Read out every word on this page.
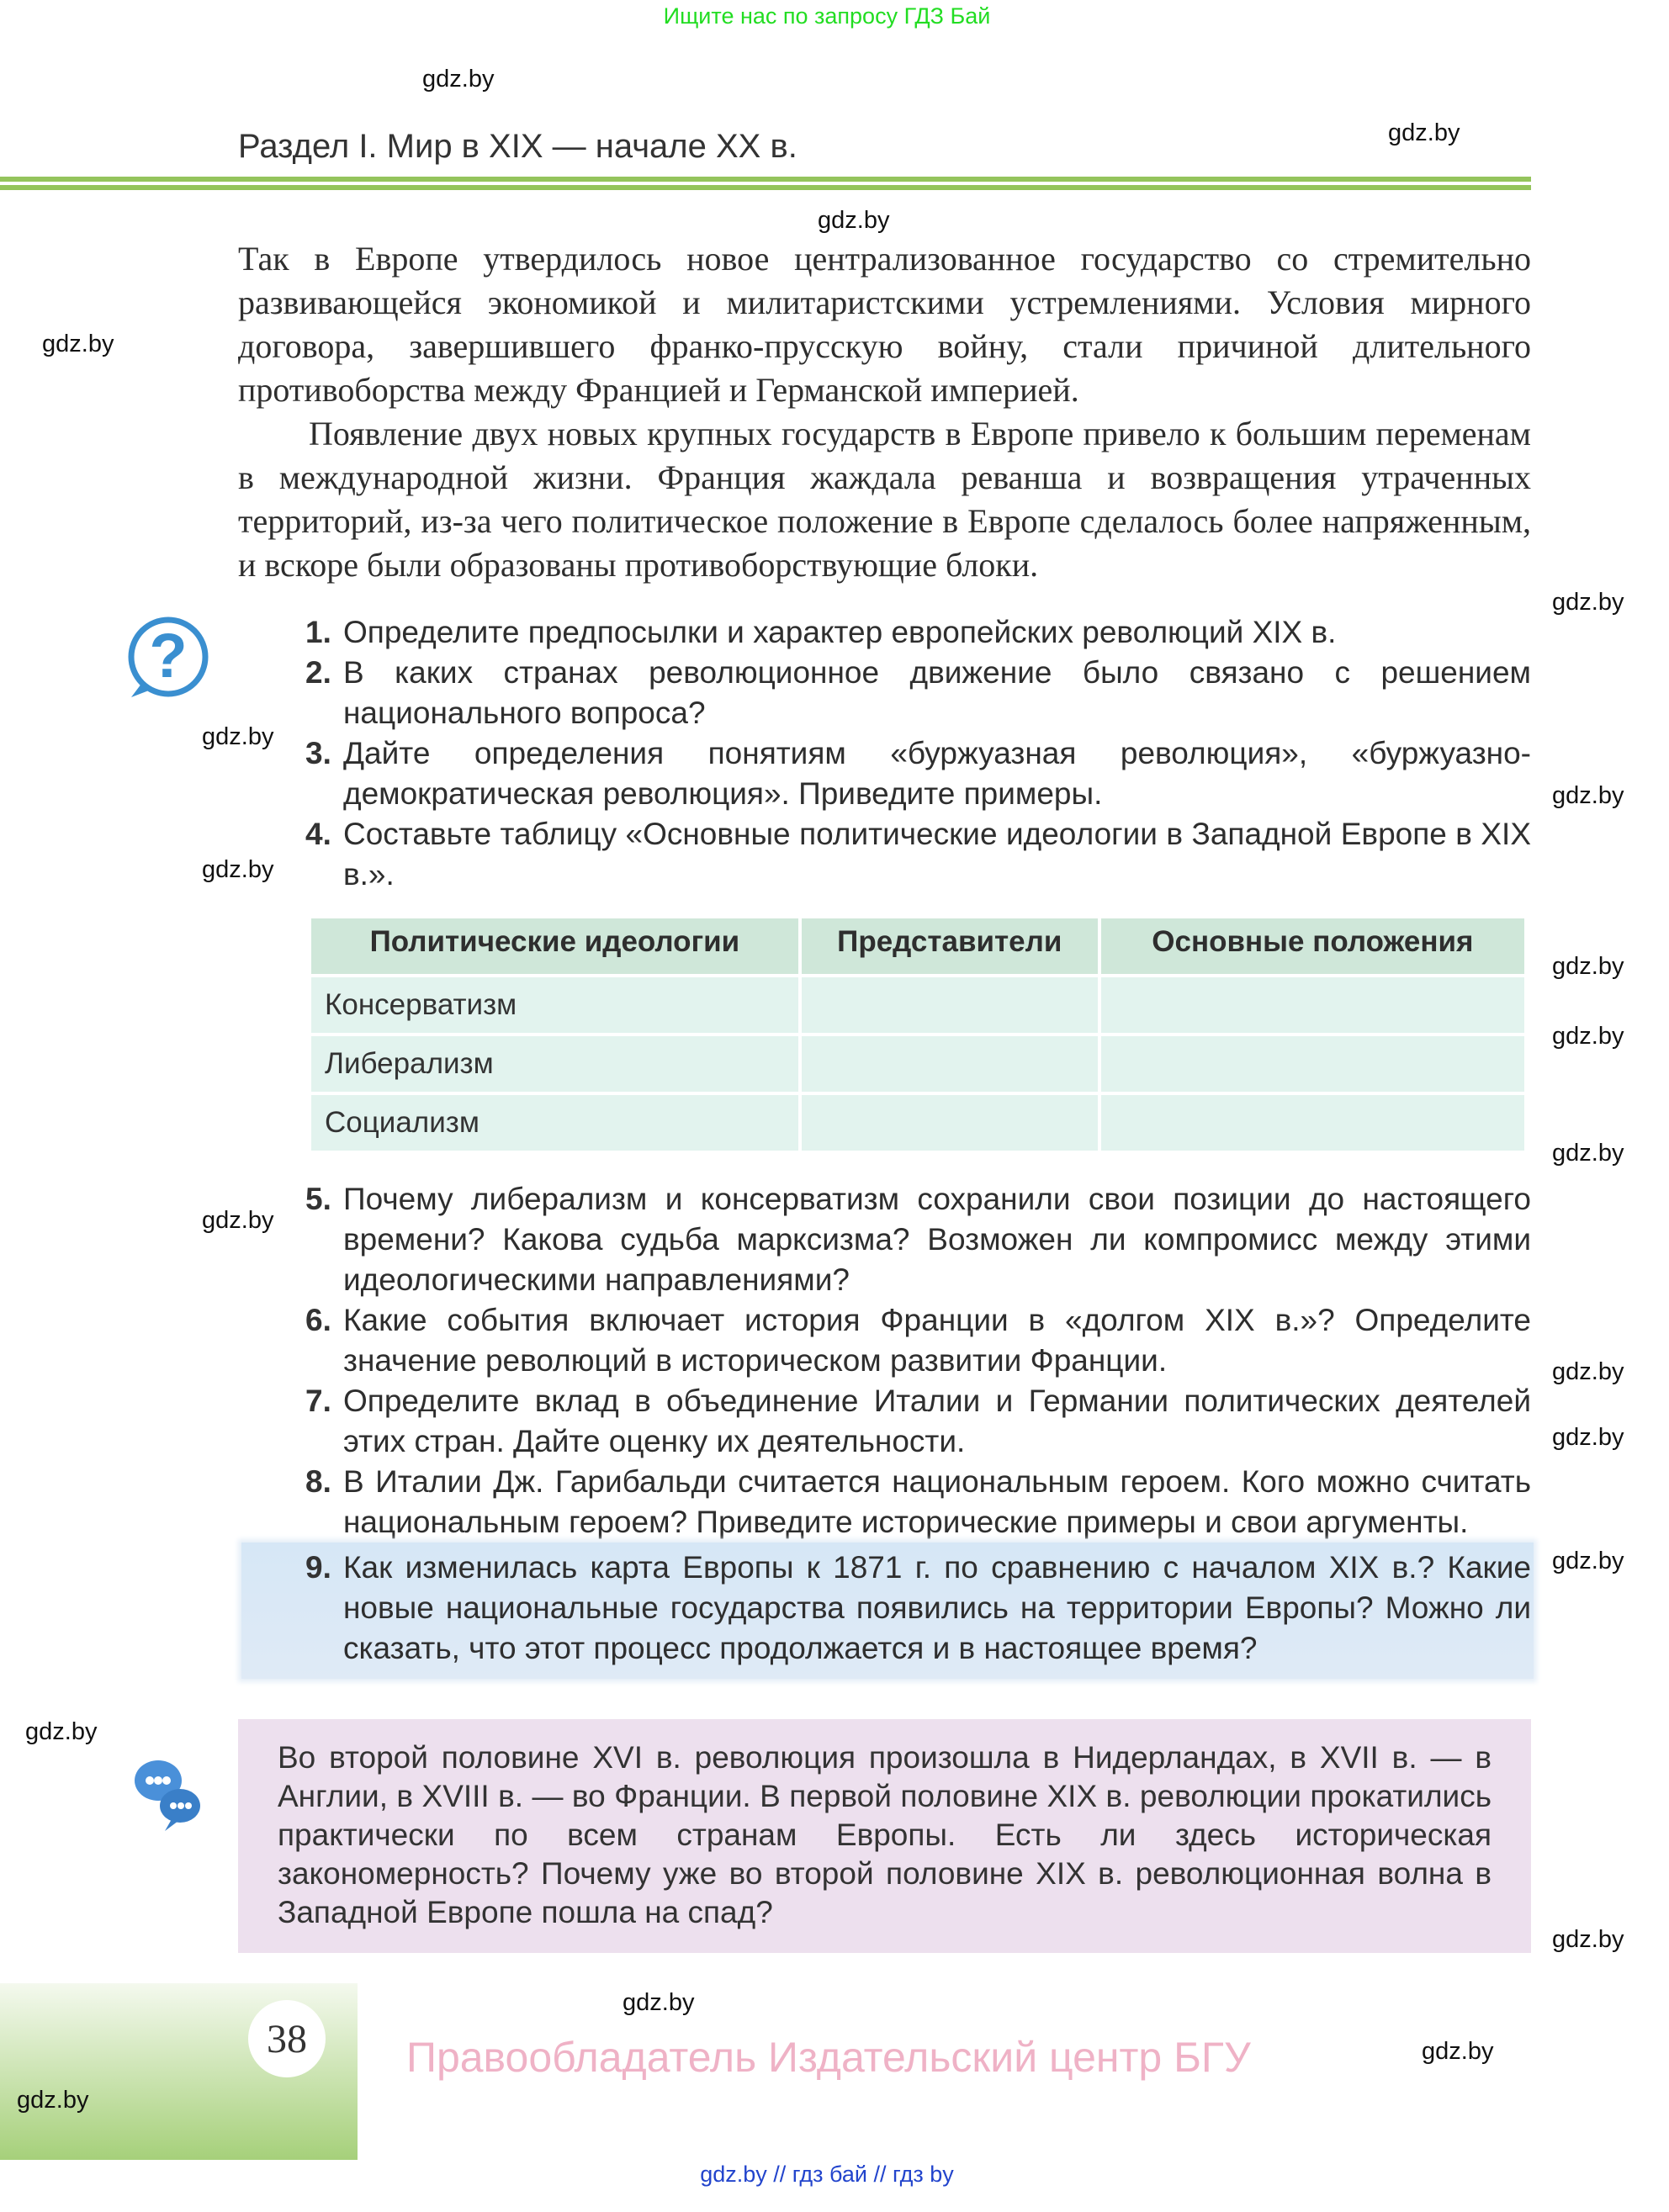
Ищите нас по запросу ГДЗ Бай
Раздел I. Мир в XIX — начале XX в.

Так в Европе утвердилось новое централизованное государство со стремительно развивающейся экономикой и милитаристскими устремлениями. Условия мирного договора, завершившего франко-прусскую войну, стали причиной длительного противоборства между Францией и Германской империей.

Появление двух новых крупных государств в Европе привело к большим переменам в международной жизни. Франция жаждала реванша и возвращения утраченных территорий, из-за чего политическое положение в Европе сделалось более напряженным, и вскоре были образованы противоборствующие блоки.

1. Определите предпосылки и характер европейских революций XIX в.
2. В каких странах революционное движение было связано с решением национального вопроса?
3. Дайте определения понятиям «буржуазная революция», «буржуазно-демократическая революция». Приведите примеры.
4. Составьте таблицу «Основные политические идеологии в Западной Европе в XIX в.».
Политические идеологии	Представители	Основные положения
Консерватизм		
Либерализм		
Социализм		
5. Почему либерализм и консерватизм сохранили свои позиции до настоящего времени? Какова судьба марксизма? Возможен ли компромисс между этими идеологическими направлениями?
6. Какие события включает история Франции в «долгом XIX в.»? Определите значение революций в историческом развитии Франции.
7. Определите вклад в объединение Италии и Германии политических деятелей этих стран. Дайте оценку их деятельности.
8. В Италии Дж. Гарибальди считается национальным героем. Кого можно считать национальным героем? Приведите исторические примеры и свои аргументы.
9. Как изменилась карта Европы к 1871 г. по сравнению с началом XIX в.? Какие новые национальные государства появились на территории Европы? Можно ли сказать, что этот процесс продолжается и в настоящее время?
Во второй половине XVI в. революция произошла в Нидерландах, в XVII в. — в Англии, в XVIII в. — во Франции. В первой половине XIX в. революции прокатились практически по всем странам Европы. Есть ли здесь историческая закономерность? Почему уже во второй половине XIX в. революционная волна в Западной Европе пошла на спад?
?
38	Правообладатель Издательский центр БГУ
gdz.by // гдз бай // гдз by
gdz.by
gdz.by
gdz.by
gdz.by
gdz.by
gdz.by
gdz.by
gdz.by
gdz.by
gdz.by
gdz.by
gdz.by
gdz.by
gdz.by
gdz.by
gdz.by
gdz.by
gdz.by
gdz.by
gdz.by
